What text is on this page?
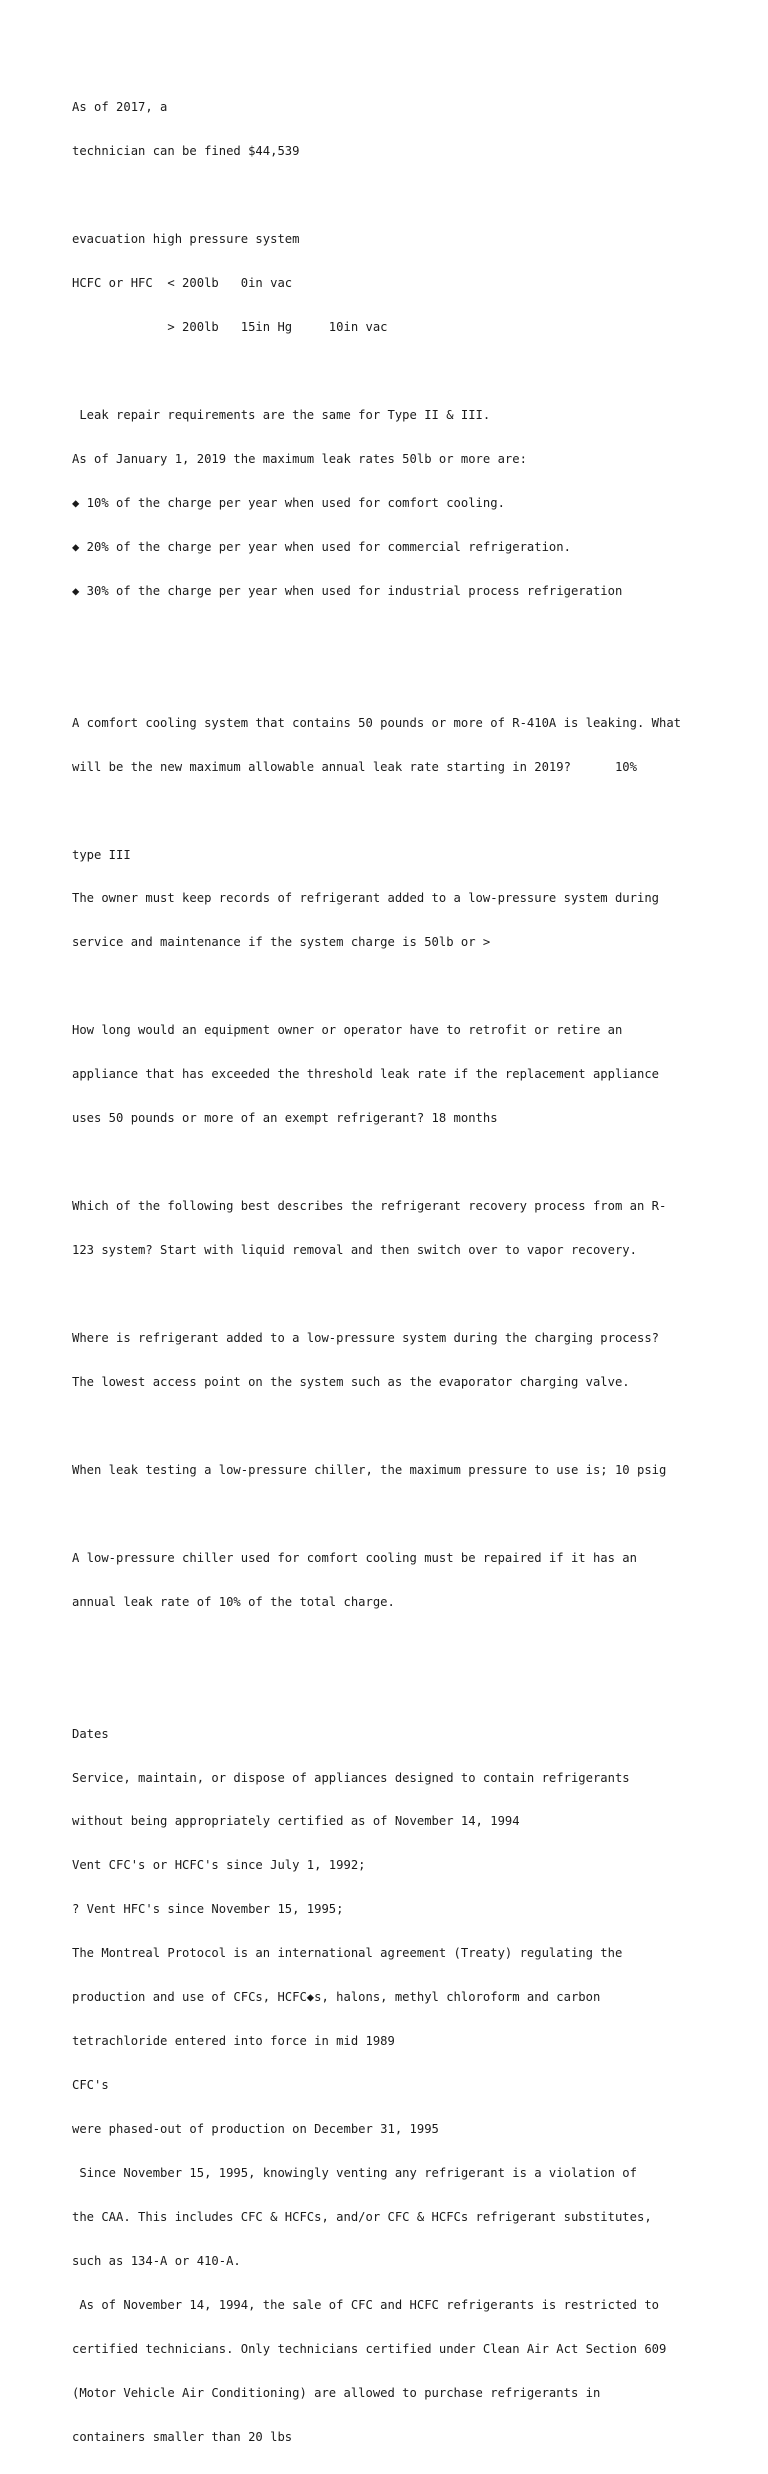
As of 2017, a

technician can be fined $44,539

evacuation high pressure system

HCFC or HFC  < 200lb   0in vac

> 200lb   15in Hg     10in vac

Leak repair requirements are the same for Type II & III.

As of January 1, 2019 the maximum leak rates 50lb or more are:

◆ 10% of the charge per year when used for comfort cooling.

◆ 20% of the charge per year when used for commercial refrigeration.

◆ 30% of the charge per year when used for industrial process refrigeration

A comfort cooling system that contains 50 pounds or more of R-410A is leaking. What

will be the new maximum allowable annual leak rate starting in 2019?      10%

type III

The owner must keep records of refrigerant added to a low-pressure system during

service and maintenance if the system charge is 50lb or >

How long would an equipment owner or operator have to retrofit or retire an

appliance that has exceeded the threshold leak rate if the replacement appliance

uses 50 pounds or more of an exempt refrigerant? 18 months

Which of the following best describes the refrigerant recovery process from an R-

123 system? Start with liquid removal and then switch over to vapor recovery.

Where is refrigerant added to a low-pressure system during the charging process?

The lowest access point on the system such as the evaporator charging valve.

When leak testing a low-pressure chiller, the maximum pressure to use is; 10 psig

A low-pressure chiller used for comfort cooling must be repaired if it has an

annual leak rate of 10% of the total charge.

Dates

Service, maintain, or dispose of appliances designed to contain refrigerants

without being appropriately certified as of November 14, 1994

Vent CFC's or HCFC's since July 1, 1992;

? Vent HFC's since November 15, 1995;

The Montreal Protocol is an international agreement (Treaty) regulating the

production and use of CFCs, HCFC◆s, halons, methyl chloroform and carbon

tetrachloride entered into force in mid 1989

CFC's

were phased-out of production on December 31, 1995

Since November 15, 1995, knowingly venting any refrigerant is a violation of

the CAA. This includes CFC & HCFCs, and/or CFC & HCFCs refrigerant substitutes,

such as 134-A or 410-A.

As of November 14, 1994, the sale of CFC and HCFC refrigerants is restricted to

certified technicians. Only technicians certified under Clean Air Act Section 609

(Motor Vehicle Air Conditioning) are allowed to purchase refrigerants in

containers smaller than 20 lbs
